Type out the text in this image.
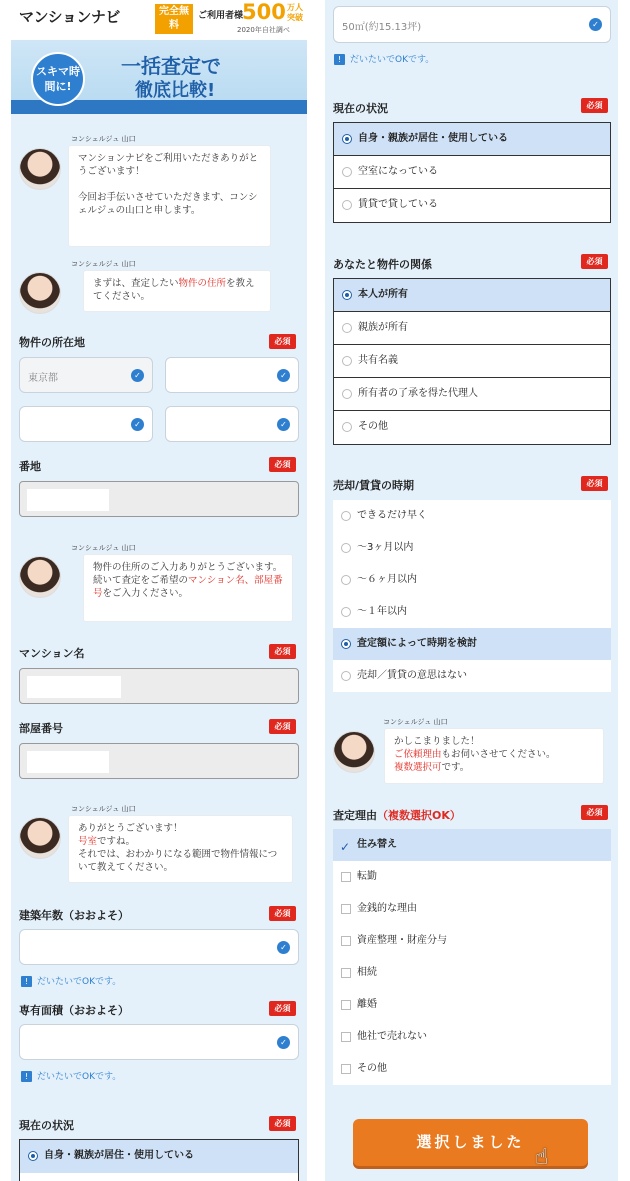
マンションナビ	完全無料
ご利用者様
500 万人突破
2020年自社調べ
スキマ時間に!
一括査定で
徹底比較!
コンシェルジュ 山口

マンションナビをご利用いただきありがとうございます！

今回お手伝いさせていただきます、コンシェルジュの山口と申します。

コンシェルジュ 山口

まずは、査定したい物件の住所を教えてください。

物件の所在地	必須
東京都	✓	✓
✓	✓
番地	必須
コンシェルジュ 山口

物件の住所のご入力ありがとうございます。
続いて査定をご希望のマンション名、部屋番号をご入力ください。

マンション名	必須
部屋番号	必須
コンシェルジュ 山口

ありがとうございます！
号室ですね。
それでは、おわかりになる範囲で物件情報について教えてください。

建築年数（おおよそ）	必須
✓
! だいたいでOKです。
専有面積（おおよそ）	必須
✓
! だいたいでOKです。
現在の状況	必須
自身・親族が居住・使用している
50㎡(約15.13坪)	✓
! だいたいでOKです。
現在の状況	必須
自身・親族が居住・使用している
空室になっている
賃貸で貸している
あなたと物件の関係	必須
本人が所有
親族が所有
共有名義
所有者の了承を得た代理人
その他
売却/賃貸の時期	必須
できるだけ早く
～3ヶ月以内
～６ヶ月以内
～１年以内
査定額によって時期を検討
売却／賃貸の意思はない
コンシェルジュ 山口

かしこまりました！
ご依頼理由もお伺いさせてください。
複数選択可です。

査定理由（複数選択OK）	必須
✓
住み替え
転勤
金銭的な理由
資産整理・財産分与
相続
離婚
他社で売れない
その他
選択しました
☝
